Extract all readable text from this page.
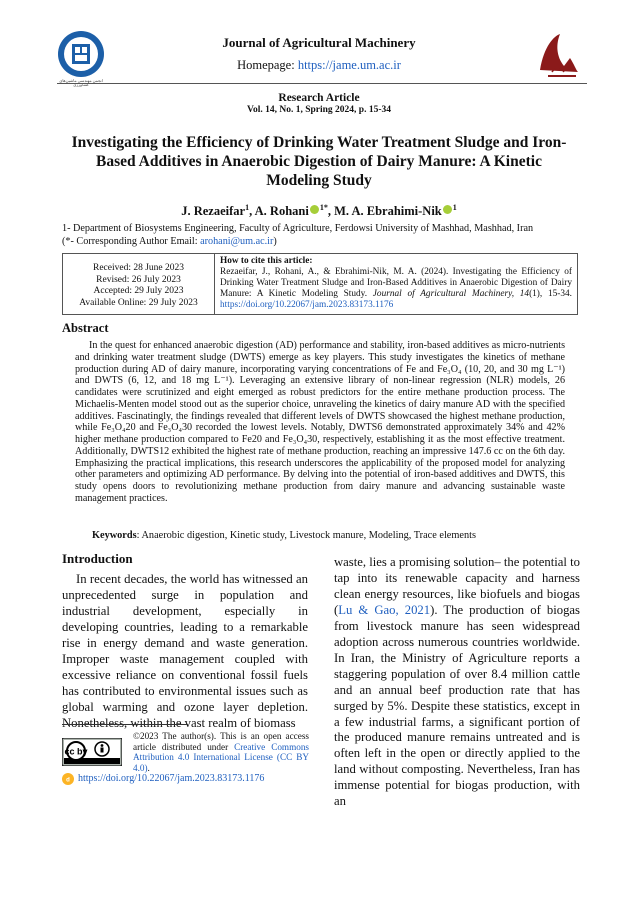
انجمن مهندسی ماشین‌های کشاورزی
Journal of Agricultural Machinery
Homepage: https://jame.um.ac.ir
Research Article
Vol. 14, No. 1, Spring 2024, p. 15-34
Investigating the Efficiency of Drinking Water Treatment Sludge and Iron-Based Additives in Anaerobic Digestion of Dairy Manure: A Kinetic Modeling Study
J. Rezaeifar$^1$, A. Rohani $^{1*}$, M. A. Ebrahimi-Nik $^1$
1- Department of Biosystems Engineering, Faculty of Agriculture, Ferdowsi University of Mashhad, Mashhad, Iran
(*- Corresponding Author Email: arohani@um.ac.ir)
Received: 28 June 2023
Revised: 26 July 2023
Accepted: 29 July 2023
Available Online: 29 July 2023
How to cite this article:
Rezaeifar, J., Rohani, A., & Ebrahimi-Nik, M. A. (2024). Investigating the Efficiency of Drinking Water Treatment Sludge and Iron-Based Additives in Anaerobic Digestion of Dairy Manure: A Kinetic Modeling Study. Journal of Agricultural Machinery, 14(1), 15-34. https://doi.org/10.22067/jam.2023.83173.1176
Abstract
In the quest for enhanced anaerobic digestion (AD) performance and stability, iron-based additives as micro-nutrients and drinking water treatment sludge (DWTS) emerge as key players. This study investigates the kinetics of methane production during AD of dairy manure, incorporating varying concentrations of Fe and Fe₃O₄ (10, 20, and 30 mg L⁻¹) and DWTS (6, 12, and 18 mg L⁻¹). Leveraging an extensive library of non-linear regression (NLR) models, 26 candidates were scrutinized and eight emerged as robust predictors for the entire methane production process. The Michaelis-Menten model stood out as the superior choice, unraveling the kinetics of dairy manure AD with the specified additives. Fascinatingly, the findings revealed that different levels of DWTS showcased the highest methane production, while Fe₃O₄20 and Fe₃O₄30 recorded the lowest levels. Notably, DWTS6 demonstrated approximately 34% and 42% higher methane production compared to Fe20 and Fe₃O₄30, respectively, establishing it as the most effective treatment. Additionally, DWTS12 exhibited the highest rate of methane production, reaching an impressive 147.6 cc on the 6th day. Emphasizing the practical implications, this research underscores the applicability of the proposed model for analyzing other parameters and optimizing AD performance. By delving into the potential of iron-based additives and DWTS, this study opens doors to revolutionizing methane production from dairy manure and advancing sustainable waste management practices.
Keywords: Anaerobic digestion, Kinetic study, Livestock manure, Modeling, Trace elements
Introduction
In recent decades, the world has witnessed an unprecedented surge in population and industrial development, especially in developing countries, leading to a remarkable rise in energy demand and waste generation. Improper waste management coupled with excessive reliance on conventional fossil fuels has contributed to environmental issues such as global warming and ozone layer depletion. Nonetheless, within the vast realm of biomass
waste, lies a promising solution– the potential to tap into its renewable capacity and harness clean energy resources, like biofuels and biogas (Lu & Gao, 2021). The production of biogas from livestock manure has seen widespread adoption across numerous countries worldwide. In Iran, the Ministry of Agriculture reports a staggering population of over 8.4 million cattle and an annual beef production rate that has surged by 5%. Despite these statistics, except in a few industrial farms, a significant portion of the produced manure remains untreated and is often left in the open or directly applied to the land without composting. Nevertheless, Iran has immense potential for biogas production, with an
cc by
©2023 The author(s). This is an open access article distributed under Creative Commons Attribution 4.0 International License (CC BY 4.0).
d https://doi.org/10.22067/jam.2023.83173.1176
